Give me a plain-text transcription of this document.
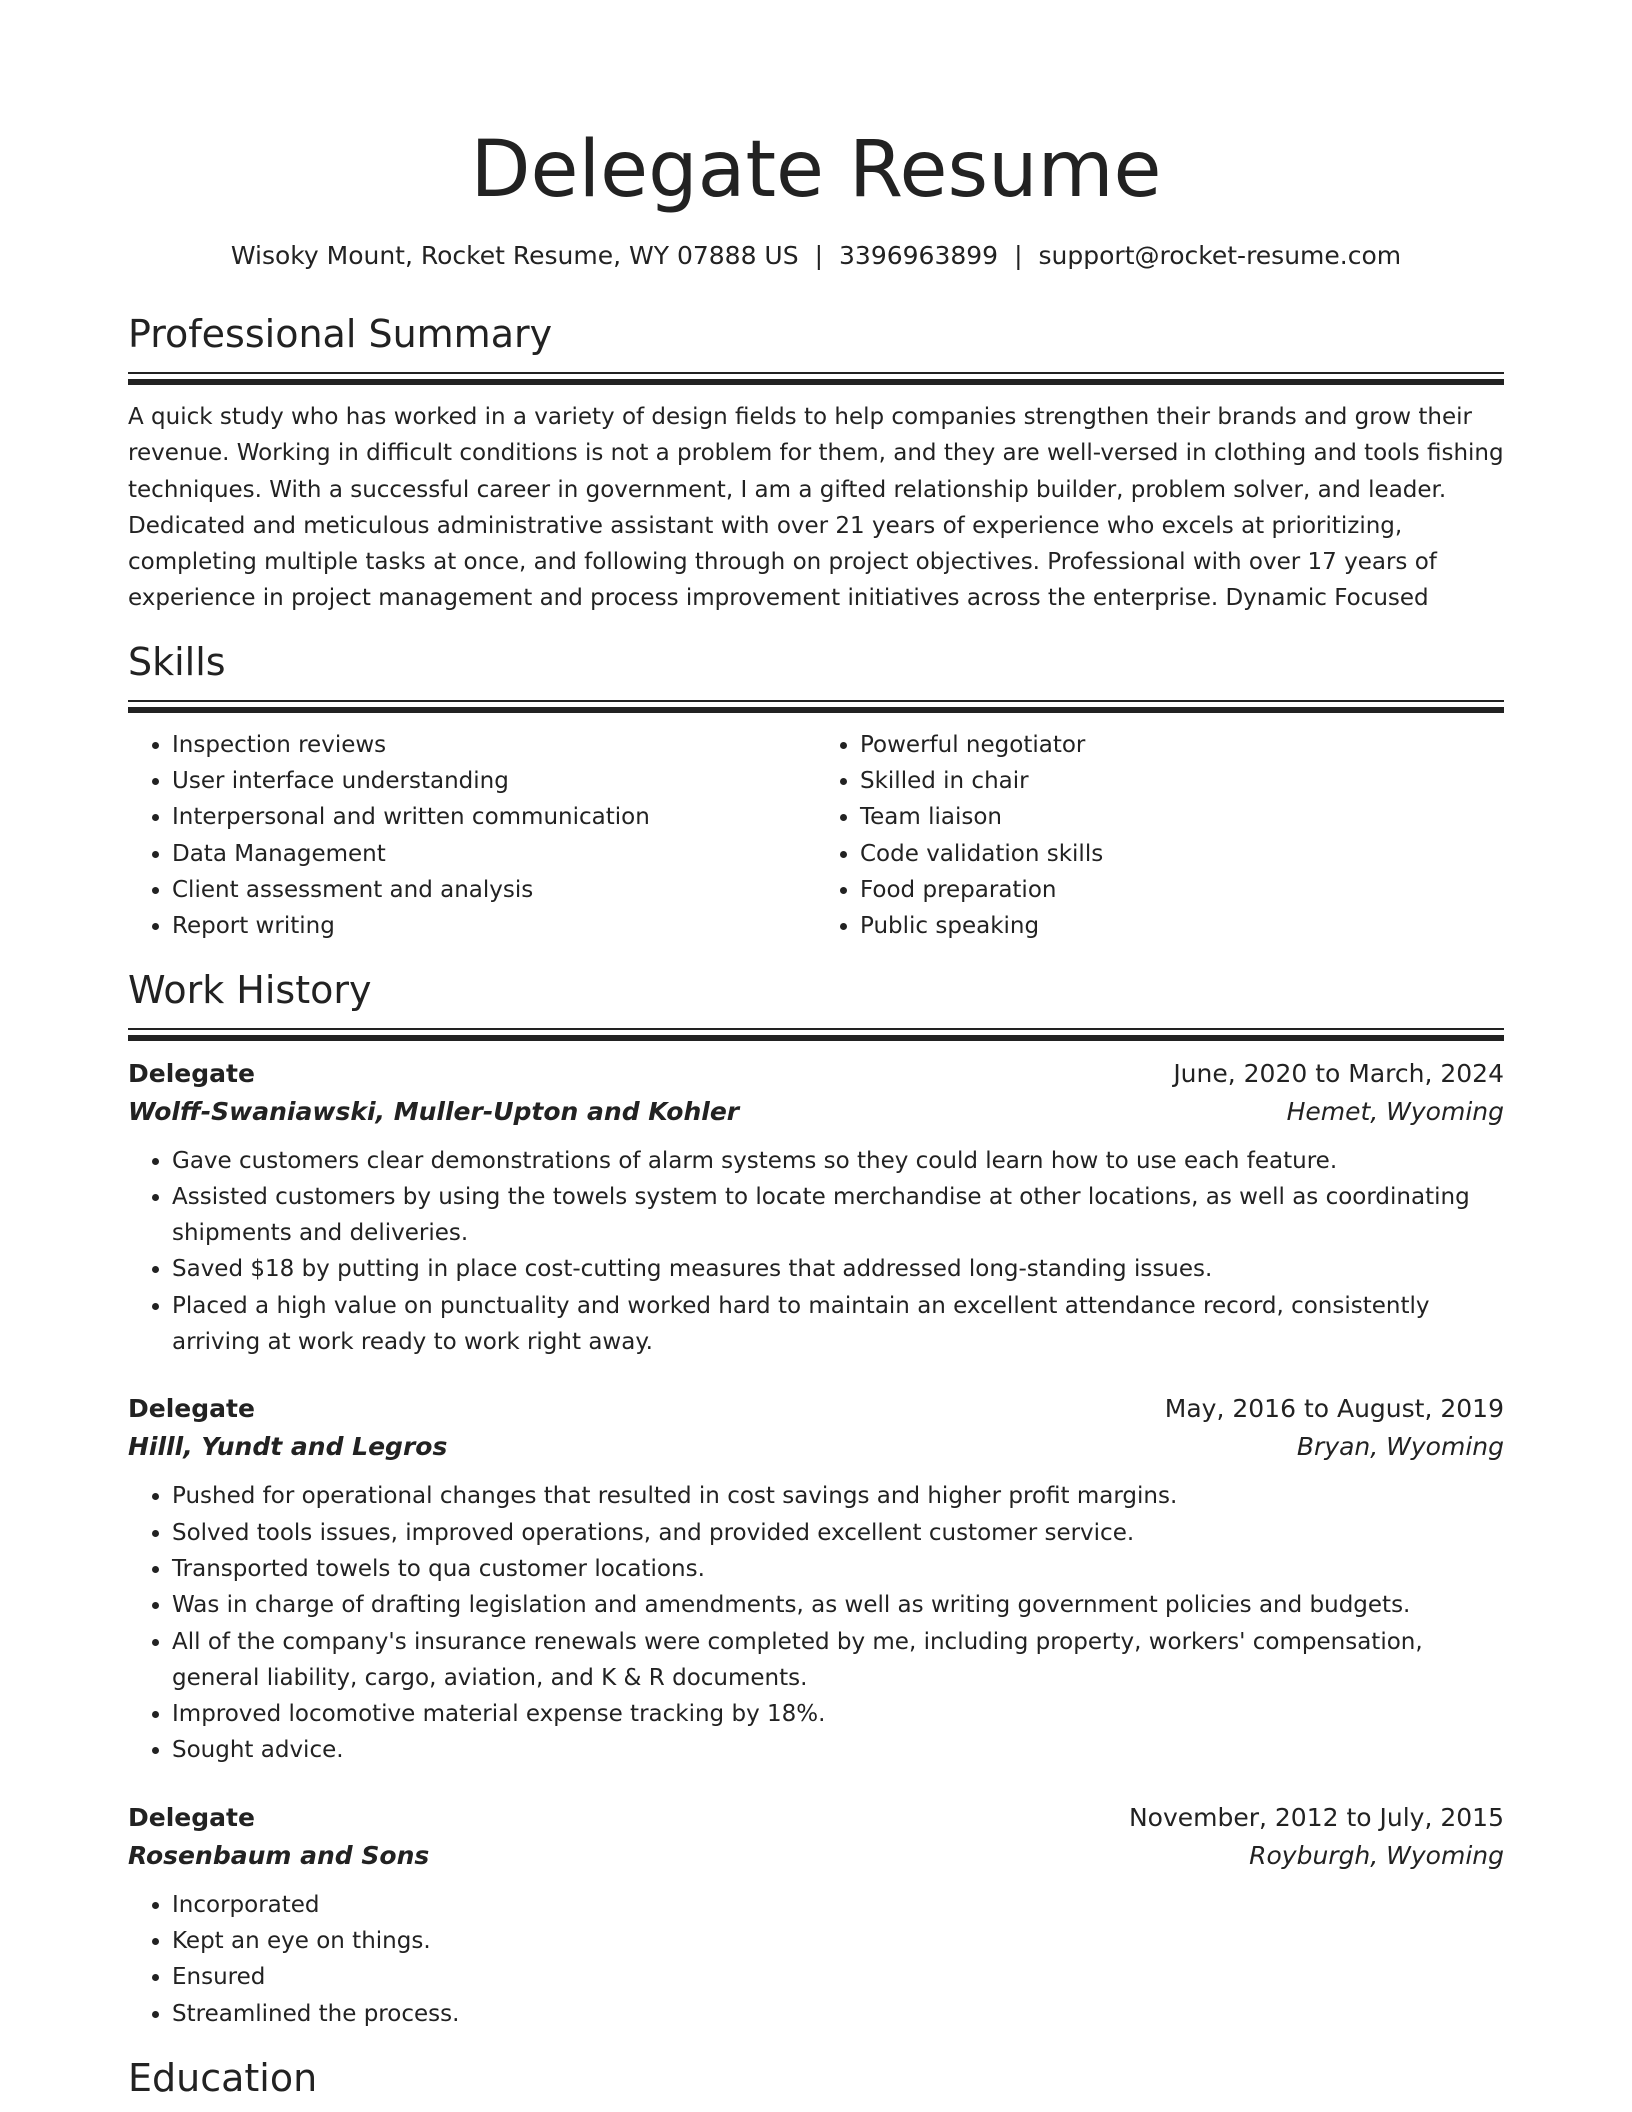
Delegate Resume
Wisoky Mount, Rocket Resume, WY 07888 US | 3396963899 | support@rocket-resume.com
Professional Summary

A quick study who has worked in a variety of design fields to help companies strengthen their brands and grow their revenue. Working in difficult conditions is not a problem for them, and they are well-versed in clothing and tools fishing techniques. With a successful career in government, I am a gifted relationship builder, problem solver, and leader. Dedicated and meticulous administrative assistant with over 21 years of experience who excels at prioritizing, completing multiple tasks at once, and following through on project objectives. Professional with over 17 years of experience in project management and process improvement initiatives across the enterprise. Dynamic Focused

Skills
• Inspection reviews
• User interface understanding
• Interpersonal and written communication
• Data Management
• Client assessment and analysis
• Report writing
• Powerful negotiator
• Skilled in chair
• Team liaison
• Code validation skills
• Food preparation
• Public speaking
Work History
Delegate	June, 2020 to March, 2024
Wolff-Swaniawski, Muller-Upton and Kohler	Hemet, Wyoming
• Gave customers clear demonstrations of alarm systems so they could learn how to use each feature.
• Assisted customers by using the towels system to locate merchandise at other locations, as well as coordinating shipments and deliveries.
• Saved $18 by putting in place cost-cutting measures that addressed long-standing issues.
• Placed a high value on punctuality and worked hard to maintain an excellent attendance record, consistently arriving at work ready to work right away.
Delegate	May, 2016 to August, 2019
Hilll, Yundt and Legros	Bryan, Wyoming
• Pushed for operational changes that resulted in cost savings and higher profit margins.
• Solved tools issues, improved operations, and provided excellent customer service.
• Transported towels to qua customer locations.
• Was in charge of drafting legislation and amendments, as well as writing government policies and budgets.
• All of the company's insurance renewals were completed by me, including property, workers' compensation, general liability, cargo, aviation, and K & R documents.
• Improved locomotive material expense tracking by 18%.
• Sought advice.
Delegate	November, 2012 to July, 2015
Rosenbaum and Sons	Royburgh, Wyoming
• Incorporated
• Kept an eye on things.
• Ensured
• Streamlined the process.
Education
